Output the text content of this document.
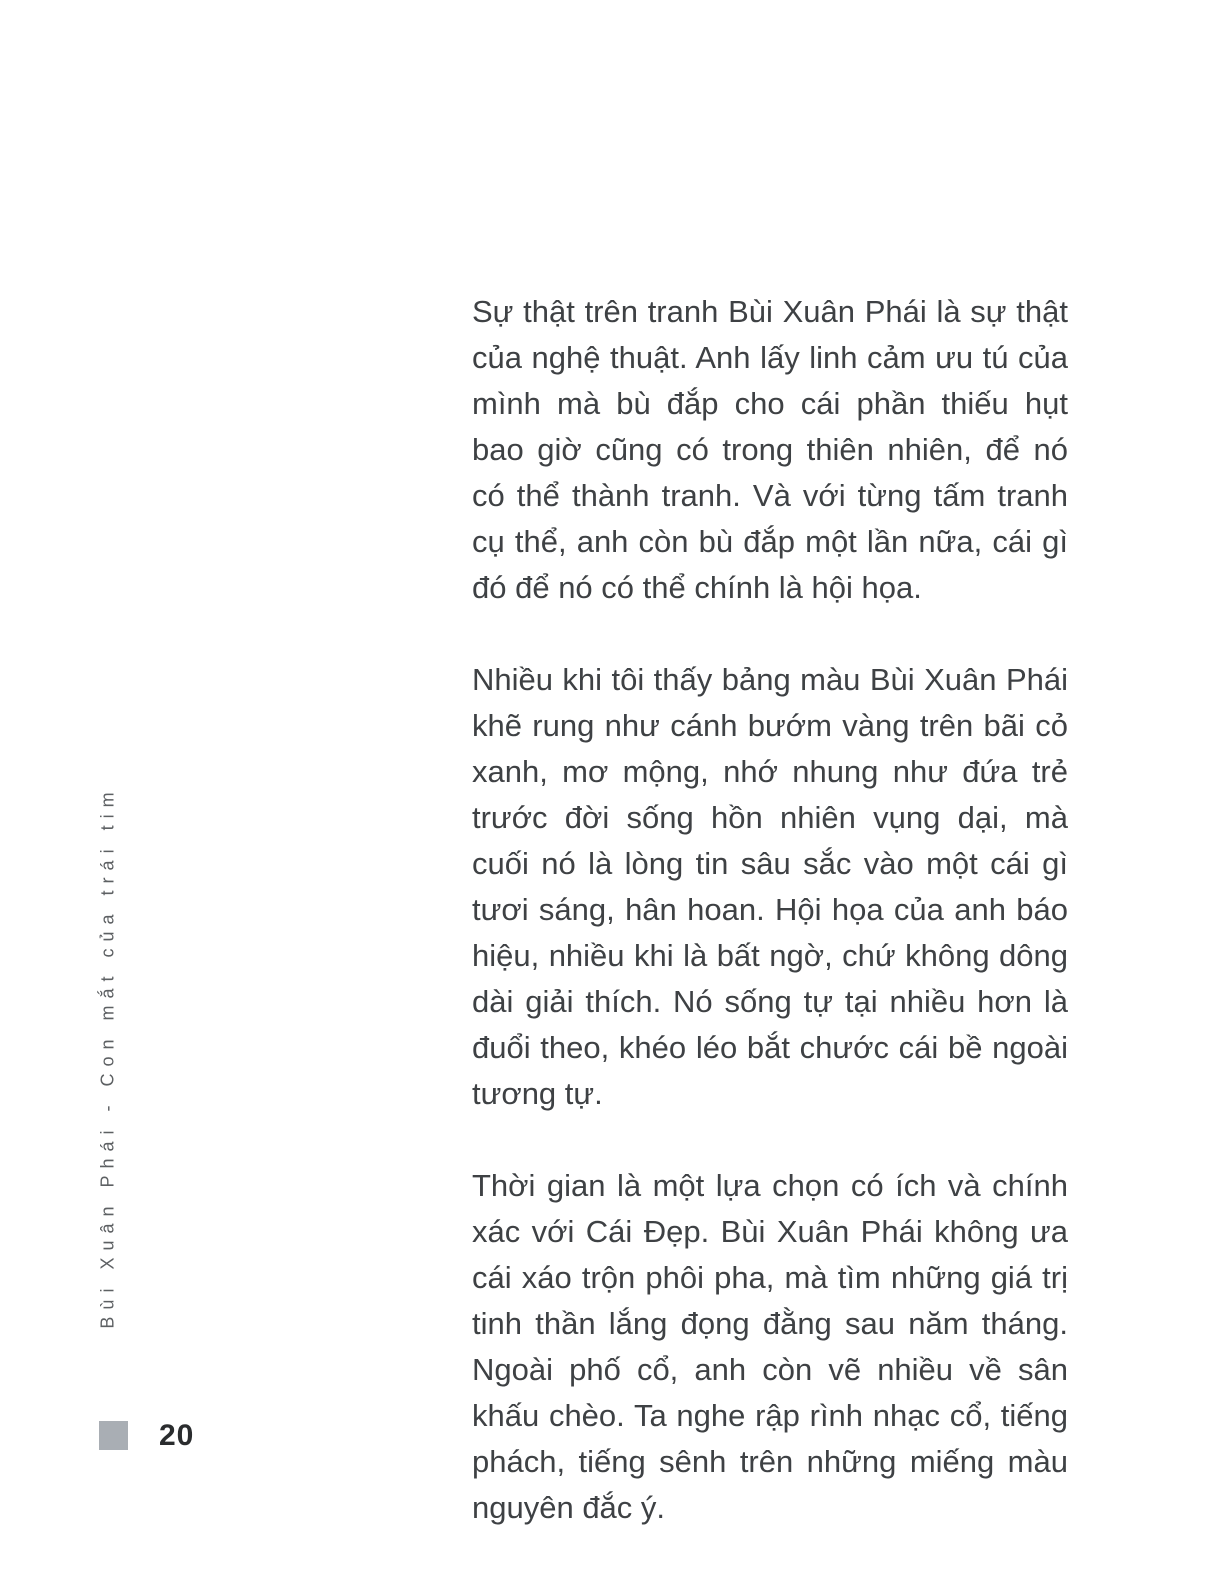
Bùi Xuân Phái - Con mắt của trái tim

Sự thật trên tranh Bùi Xuân Phái là sự thật của nghệ thuật. Anh lấy linh cảm ưu tú của mình mà bù đắp cho cái phần thiếu hụt bao giờ cũng có trong thiên nhiên, để nó có thể thành tranh. Và với từng tấm tranh cụ thể, anh còn bù đắp một lần nữa, cái gì đó để nó có thể chính là hội họa.

Nhiều khi tôi thấy bảng màu Bùi Xuân Phái khẽ rung như cánh bướm vàng trên bãi cỏ xanh, mơ mộng, nhớ nhung như đứa trẻ trước đời sống hồn nhiên vụng dại, mà cuối nó là lòng tin sâu sắc vào một cái gì tươi sáng, hân hoan. Hội họa của anh báo hiệu, nhiều khi là bất ngờ, chứ không dông dài giải thích. Nó sống tự tại nhiều hơn là đuổi theo, khéo léo bắt chước cái bề ngoài tương tự.

Thời gian là một lựa chọn có ích và chính xác với Cái Đẹp. Bùi Xuân Phái không ưa cái xáo trộn phôi pha, mà tìm những giá trị tinh thần lắng đọng đằng sau năm tháng. Ngoài phố cổ, anh còn vẽ nhiều về sân khấu chèo. Ta nghe rập rình nhạc cổ, tiếng phách, tiếng sênh trên những miếng màu nguyên đắc ý.

20
